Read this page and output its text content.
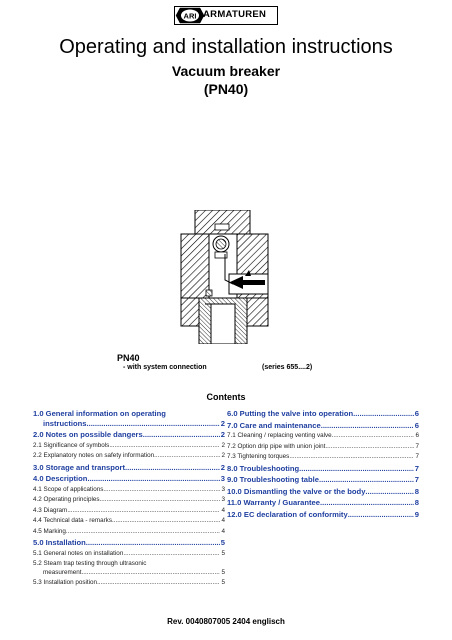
ARI ARMATUREN
Operating and installation instructions
Vacuum breaker
(PN40)
PN40
- with system connection	(series 655....2)
Contents
1.0 General information on operating
instructions .....	2
2.0 Notes on possible dangers .....	2
2.1 Significance of symbols .....	2
2.2 Explanatory notes on safety information .....	2
3.0 Storage and transport .....	2
4.0 Description .....	3
4.1 Scope of applications .....	3
4.2 Operating principles .....	3
4.3 Diagram .....	4
4.4 Technical data - remarks .....	4
4.5 Marking .....	4
5.0 Installation .....	5
5.1 General notes on installation .....	5
5.2 Steam trap testing through ultrasonic
measurement .....	5
5.3 Installation position .....	5
6.0 Putting the valve into operation .....	6
7.0 Care and maintenance .....	6
7.1 Cleaning / replacing venting valve .....	6
7.2 Option drip pipe with union joint .....	7
7.3 Tightening torques .....	7
8.0 Troubleshooting .....	7
9.0 Troubleshooting table .....	7
10.0 Dismantling the valve or the body .....	8
11.0 Warranty / Guarantee .....	8
12.0 EC declaration of conformity .....	9
Rev. 0040807005 2404 englisch
